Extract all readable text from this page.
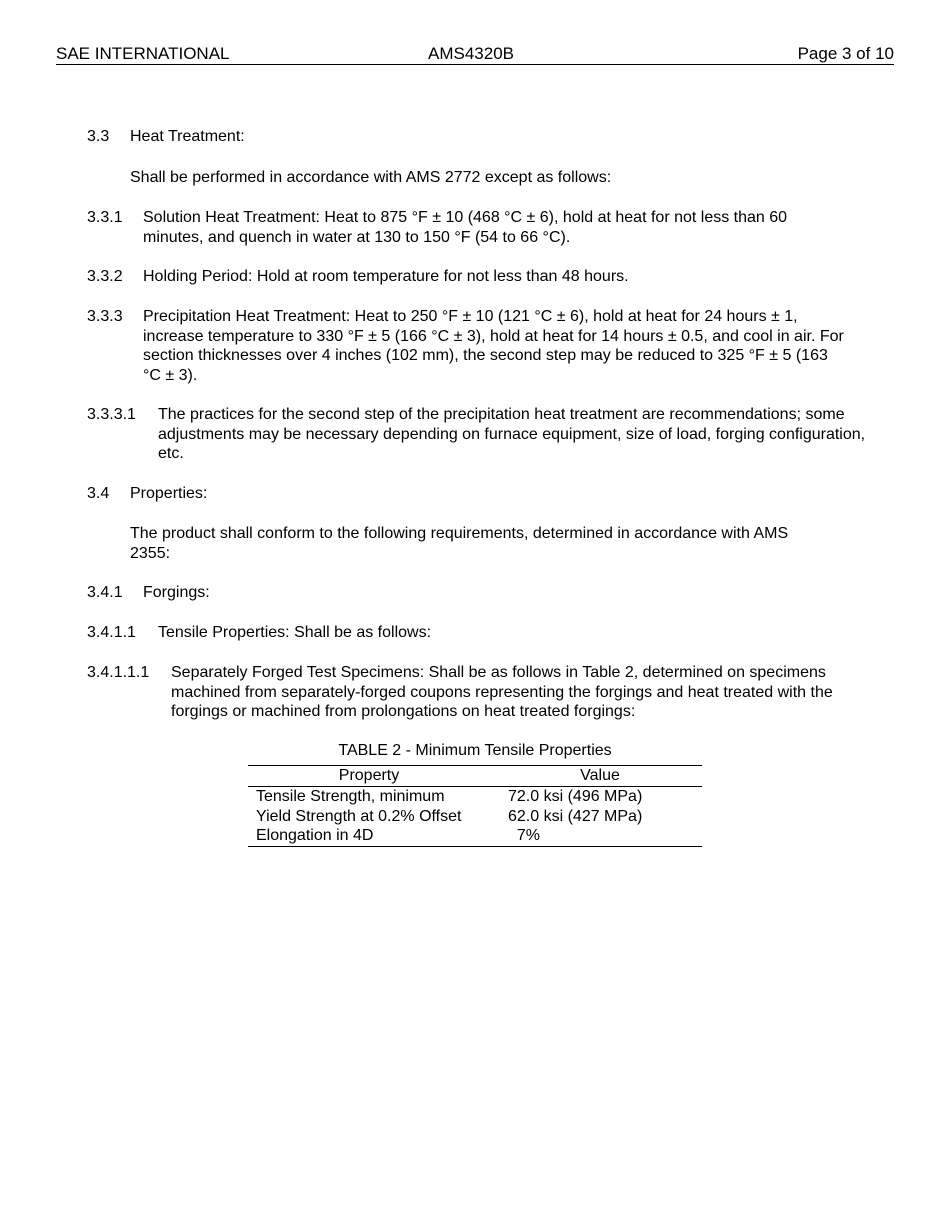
SAE INTERNATIONAL	AMS4320B	Page 3 of 10
3.3 Heat Treatment:
Shall be performed in accordance with AMS 2772 except as follows:
3.3.1 Solution Heat Treatment: Heat to 875 °F ± 10 (468 °C ± 6), hold at heat for not less than 60 minutes, and quench in water at 130 to 150 °F (54 to 66 °C).
3.3.2 Holding Period: Hold at room temperature for not less than 48 hours.
3.3.3 Precipitation Heat Treatment: Heat to 250 °F ± 10 (121 °C ± 6), hold at heat for 24 hours ± 1, increase temperature to 330 °F ± 5 (166 °C ± 3), hold at heat for 14 hours ± 0.5, and cool in air. For section thicknesses over 4 inches (102 mm), the second step may be reduced to 325 °F ± 5 (163 °C ± 3).
3.3.3.1 The practices for the second step of the precipitation heat treatment are recommendations; some adjustments may be necessary depending on furnace equipment, size of load, forging configuration, etc.
3.4 Properties:
The product shall conform to the following requirements, determined in accordance with AMS 2355:
3.4.1 Forgings:
3.4.1.1 Tensile Properties: Shall be as follows:
3.4.1.1.1 Separately Forged Test Specimens: Shall be as follows in Table 2, determined on specimens machined from separately-forged coupons representing the forgings and heat treated with the forgings or machined from prolongations on heat treated forgings:
TABLE 2 - Minimum Tensile Properties
Property	Value
Tensile Strength, minimum	72.0 ksi (496 MPa)
Yield Strength at 0.2% Offset	62.0 ksi (427 MPa)
Elongation in 4D	7%
